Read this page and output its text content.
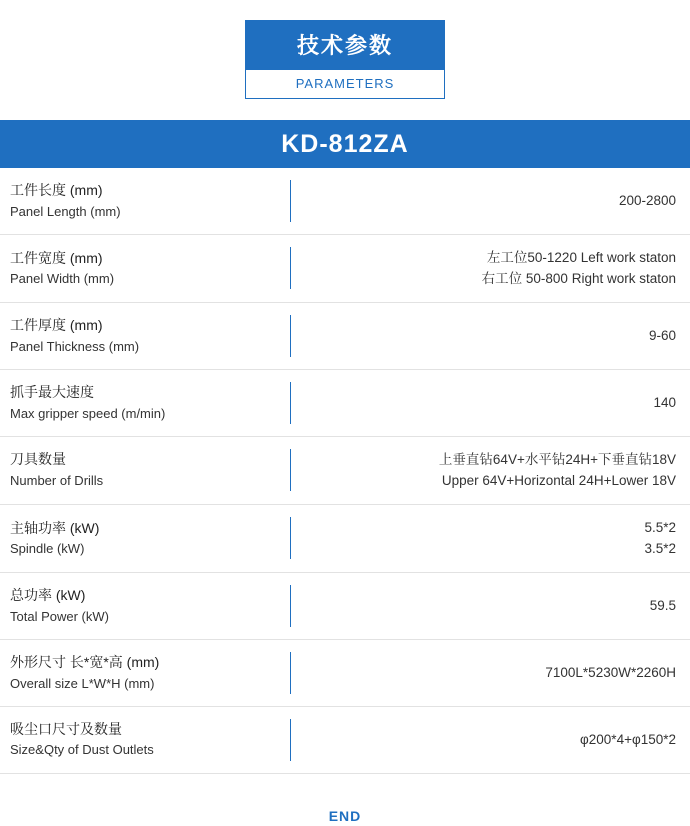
技术参数
PARAMETERS
KD-812ZA
工件长度 (mm)
Panel Length (mm)		200-2800

工件宽度 (mm)
Panel Width (mm)		左工位50-1220 Left work staton
右工位 50-800 Right work staton

工件厚度 (mm)
Panel Thickness (mm)		9-60

抓手最大速度
Max gripper speed (m/min)		140

刀具数量
Number of Drills		上垂直钻64V+水平钻24H+下垂直钻18V
Upper 64V+Horizontal 24H+Lower 18V

主轴功率 (kW)
Spindle (kW)		5.5*2
3.5*2

总功率 (kW)
Total Power (kW)		59.5

外形尺寸 长*宽*高 (mm)
Overall size L*W*H (mm)		7100L*5230W*2260H

吸尘口尺寸及数量
Size&Qty of Dust Outlets		φ200*4+φ150*2
END
